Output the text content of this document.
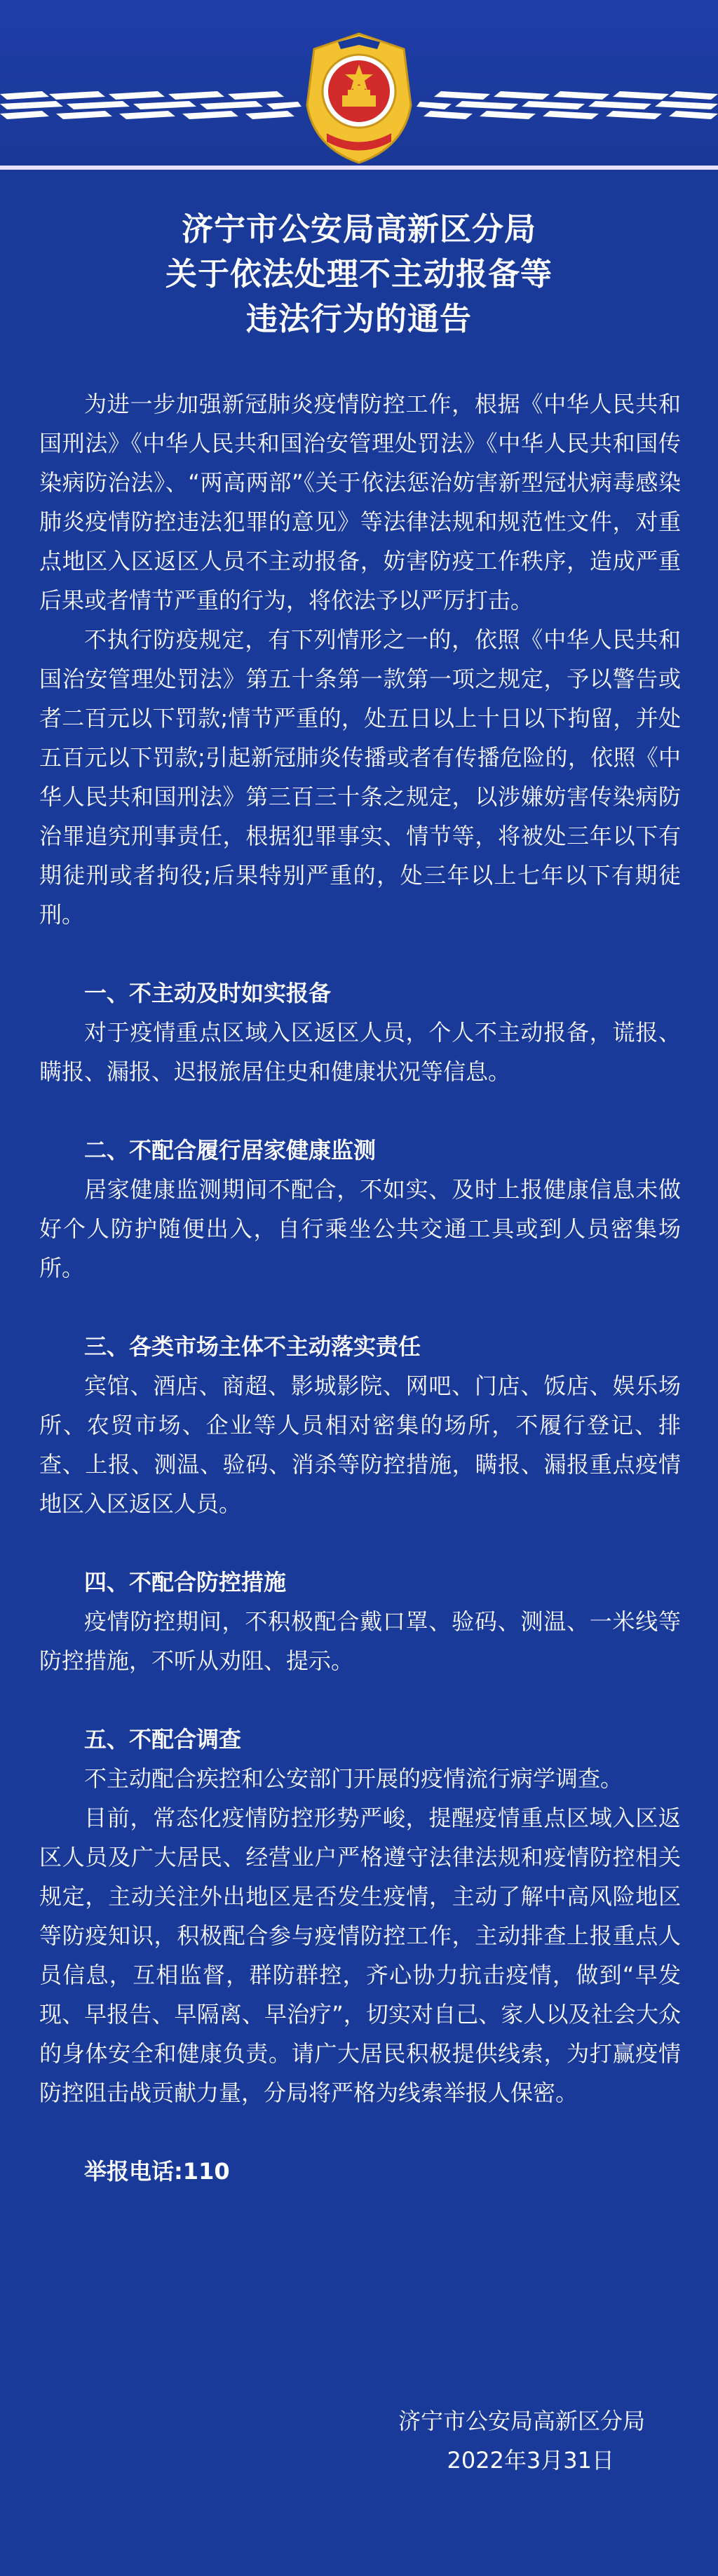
济宁市公安局高新区分局
关于依法处理不主动报备等
违法行为的通告

为进一步加强新冠肺炎疫情防控工作，根据《中华人民共和国刑法》《中华人民共和国治安管理处罚法》《中华人民共和国传染病防治法》、“两高两部”《关于依法惩治妨害新型冠状病毒感染肺炎疫情防控违法犯罪的意见》等法律法规和规范性文件，对重点地区入区返区人员不主动报备，妨害防疫工作秩序，造成严重后果或者情节严重的行为，将依法予以严厉打击。

不执行防疫规定，有下列情形之一的，依照《中华人民共和国治安管理处罚法》第五十条第一款第一项之规定，予以警告或者二百元以下罚款;情节严重的，处五日以上十日以下拘留，并处五百元以下罚款;引起新冠肺炎传播或者有传播危险的，依照《中华人民共和国刑法》第三百三十条之规定，以涉嫌妨害传染病防治罪追究刑事责任，根据犯罪事实、情节等，将被处三年以下有期徒刑或者拘役;后果特别严重的，处三年以上七年以下有期徒刑。

一、不主动及时如实报备

对于疫情重点区域入区返区人员，个人不主动报备，谎报、瞒报、漏报、迟报旅居住史和健康状况等信息。

二、不配合履行居家健康监测

居家健康监测期间不配合，不如实、及时上报健康信息未做好个人防护随便出入，自行乘坐公共交通工具或到人员密集场所。

三、各类市场主体不主动落实责任

宾馆、酒店、商超、影城影院、网吧、门店、饭店、娱乐场所、农贸市场、企业等人员相对密集的场所，不履行登记、排查、上报、测温、验码、消杀等防控措施，瞒报、漏报重点疫情地区入区返区人员。

四、不配合防控措施

疫情防控期间，不积极配合戴口罩、验码、测温、一米线等防控措施，不听从劝阻、提示。

五、不配合调查

不主动配合疾控和公安部门开展的疫情流行病学调查。

目前，常态化疫情防控形势严峻，提醒疫情重点区域入区返区人员及广大居民、经营业户严格遵守法律法规和疫情防控相关规定，主动关注外出地区是否发生疫情，主动了解中高风险地区等防疫知识，积极配合参与疫情防控工作，主动排查上报重点人员信息，互相监督，群防群控，齐心协力抗击疫情，做到“早发现、早报告、早隔离、早治疗”，切实对自己、家人以及社会大众的身体安全和健康负责。请广大居民积极提供线索，为打赢疫情防控阻击战贡献力量，分局将严格为线索举报人保密。

举报电话:110

济宁市公安局高新区分局

2022年3月31日
